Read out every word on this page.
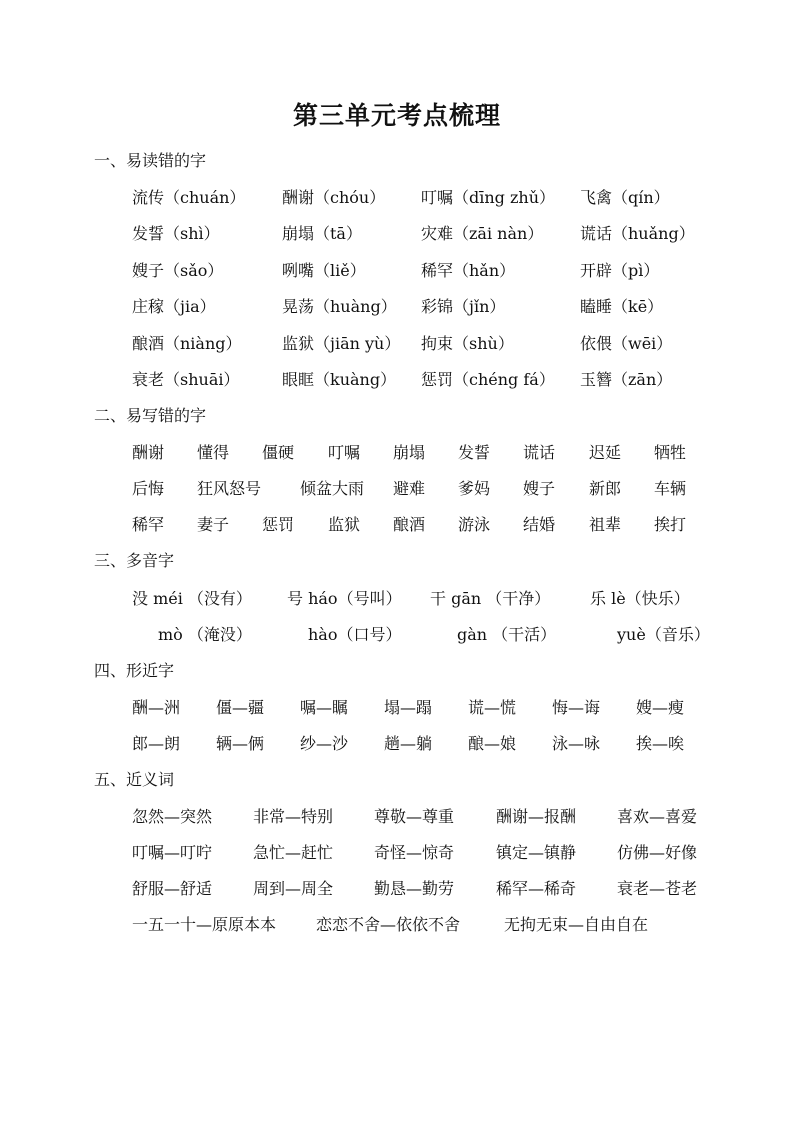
第三单元考点梳理
一、易读错的字
流传（chuán） 酬谢（chóu） 叮嘱（dīng zhǔ） 飞禽（qín）
发誓（shì）	崩塌（tā）	灾难（zāi nàn） 谎话（huǎng）
嫂子（sǎo）	咧嘴（liě）	稀罕（hǎn）	开辟（pì）
庄稼（jia）	晃荡（huàng） 彩锦（jǐn）	瞌睡（kē）
酿酒（niàng）	监狱（jiān yù） 拘束（shù）	依偎（wēi）
衰老（shuāi）	眼眶（kuàng） 惩罚（chéng fá） 玉簪（zān）
二、易写错的字
酬谢 懂得 僵硬 叮嘱 崩塌 发誓 谎话 迟延 牺牲
后悔 狂风怒号 倾盆大雨 避难 爹妈 嫂子 新郎 车辆
稀罕 妻子 惩罚 监狱 酿酒 游泳 结婚 祖辈 挨打
三、多音字
没 méi （没有） 号 háo（号叫） 干 gān （干净） 乐 lè（快乐）
mò （淹没）	hào（口号）	gàn （干活）	yuè（音乐）
四、形近字
酬—洲 僵—疆 嘱—瞩 塌—蹋 谎—慌 悔—诲 嫂—瘦
郎—朗 辆—俩 纱—沙 趟—躺 酿—娘 泳—咏 挨—唉
五、近义词
忽然—突然	非常—特别	尊敬—尊重	酬谢—报酬	喜欢—喜爱
叮嘱—叮咛	急忙—赶忙	奇怪—惊奇	镇定—镇静	仿佛—好像
舒服—舒适	周到—周全	勤恳—勤劳	稀罕—稀奇	衰老—苍老
一五一十—原原本本 恋恋不舍—依依不舍	无拘无束—自由自在
